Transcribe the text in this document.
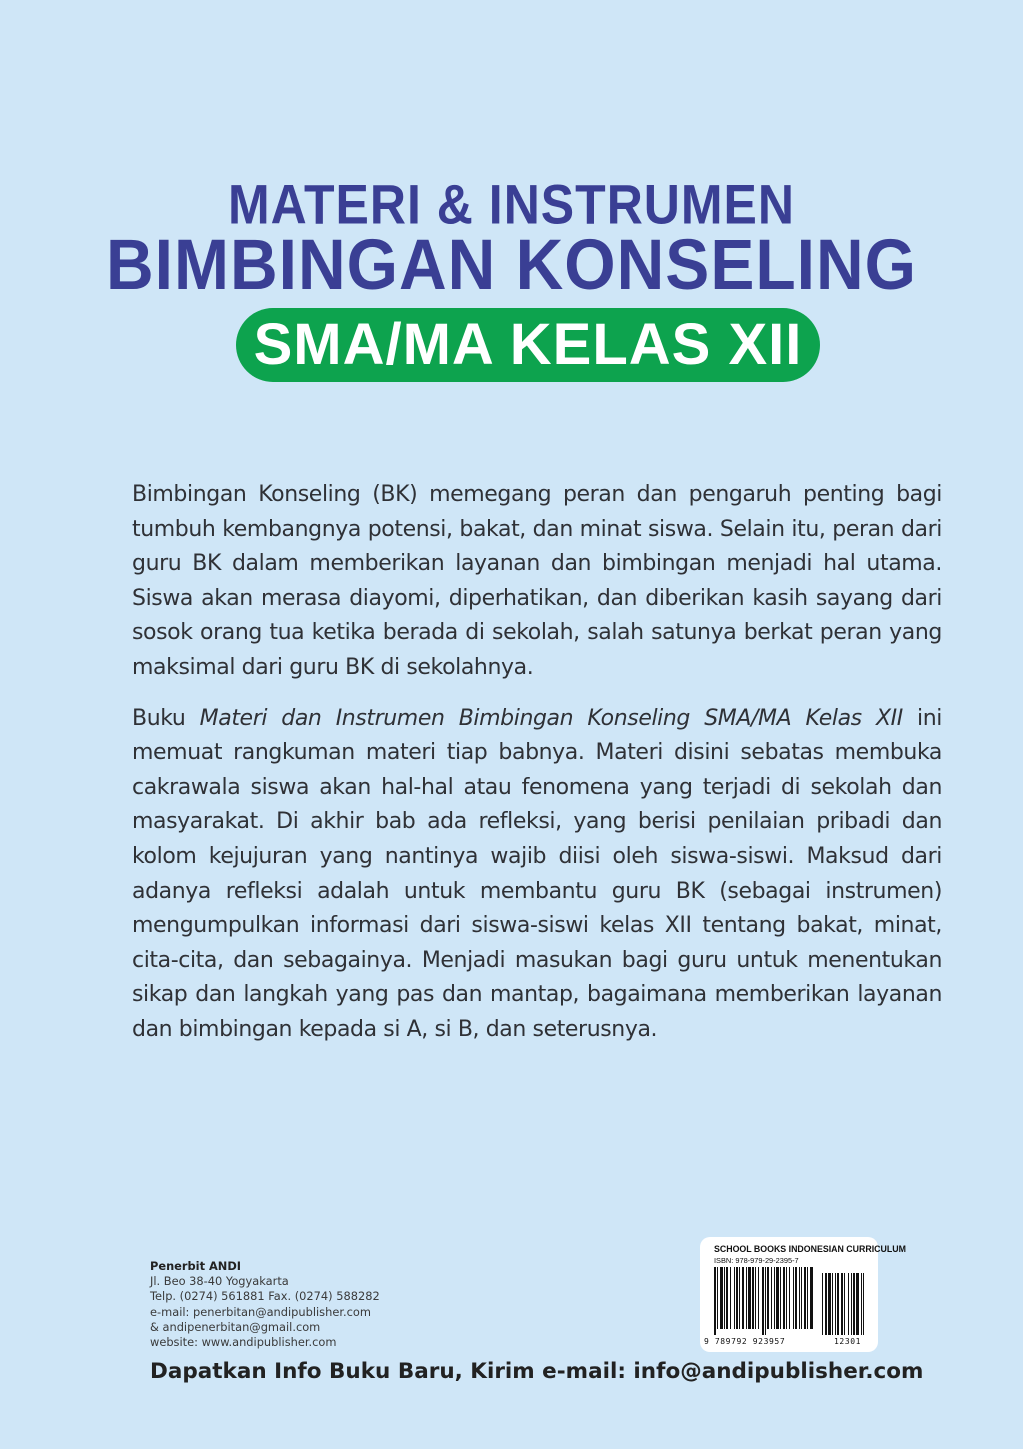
MATERI & INSTRUMEN
BIMBINGAN KONSELING
SMA/MA KELAS XII

Bimbingan Konseling (BK) memegang peran dan pengaruh penting bagi tumbuh kembangnya potensi, bakat, dan minat siswa. Selain itu, peran dari guru BK dalam memberikan layanan dan bimbingan menjadi hal utama. Siswa akan merasa diayomi, diperhatikan, dan diberikan kasih sayang dari sosok orang tua ketika berada di sekolah, salah satunya berkat peran yang maksimal dari guru BK di sekolahnya.

Buku Materi dan Instrumen Bimbingan Konseling SMA/MA Kelas XII ini memuat rangkuman materi tiap babnya. Materi disini sebatas membuka cakrawala siswa akan hal-hal atau fenomena yang terjadi di sekolah dan masyarakat. Di akhir bab ada refleksi, yang berisi penilaian pribadi dan kolom kejujuran yang nantinya wajib diisi oleh siswa-siswi. Maksud dari adanya refleksi adalah untuk membantu guru BK (sebagai instrumen) mengumpulkan informasi dari siswa-siswi kelas XII tentang bakat, minat, cita-cita, dan sebagainya. Menjadi masukan bagi guru untuk menentukan sikap dan langkah yang pas dan mantap, bagaimana memberikan layanan dan bimbingan kepada si A, si B, dan seterusnya.

Penerbit ANDI
Jl. Beo 38-40 Yogyakarta
Telp. (0274) 561881 Fax. (0274) 588282
e-mail: penerbitan@andipublisher.com
& andipenerbitan@gmail.com
website: www.andipublisher.com
SCHOOL BOOKS INDONESIAN CURRICULUM
ISBN: 978-979-29-2395-7
9 789792 923957	12301
Dapatkan Info Buku Baru, Kirim e-mail: info@andipublisher.com
